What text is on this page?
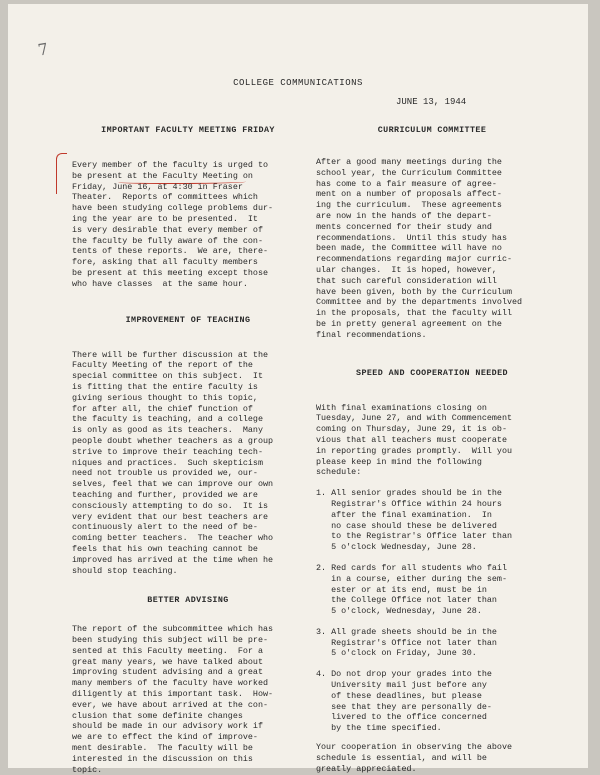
7
COLLEGE COMMUNICATIONS
JUNE 13, 1944
IMPORTANT FACULTY MEETING FRIDAY
Every member of the faculty is urged to
be present at the Faculty Meeting on
Friday, June 16, at 4:30 in Fraser
Theater.  Reports of committees which
have been studying college problems dur-
ing the year are to be presented.  It
is very desirable that every member of
the faculty be fully aware of the con-
tents of these reports.  We are, there-
fore, asking that all faculty members
be present at this meeting except those
who have classes  at the same hour.
IMPROVEMENT OF TEACHING
There will be further discussion at the
Faculty Meeting of the report of the
special committee on this subject.  It
is fitting that the entire faculty is
giving serious thought to this topic,
for after all, the chief function of
the faculty is teaching, and a college
is only as good as its teachers.  Many
people doubt whether teachers as a group
strive to improve their teaching tech-
niques and practices.  Such skepticism
need not trouble us provided we, our-
selves, feel that we can improve our own
teaching and further, provided we are
consciously attempting to do so.  It is
very evident that our best teachers are
continuously alert to the need of be-
coming better teachers.  The teacher who
feels that his own teaching cannot be
improved has arrived at the time when he
should stop teaching.
BETTER ADVISING
The report of the subcommittee which has
been studying this subject will be pre-
sented at this Faculty meeting.  For a
great many years, we have talked about
improving student advising and a great
many members of the faculty have worked
diligently at this important task.  How-
ever, we have about arrived at the con-
clusion that some definite changes
should be made in our advisory work if
we are to effect the kind of improve-
ment desirable.  The faculty will be
interested in the discussion on this
topic.
CURRICULUM COMMITTEE
After a good many meetings during the
school year, the Curriculum Committee
has come to a fair measure of agree-
ment on a number of proposals affect-
ing the curriculum.  These agreements
are now in the hands of the depart-
ments concerned for their study and
recommendations.  Until this study has
been made, the Committee will have no
recommendations regarding major curric-
ular changes.  It is hoped, however,
that such careful consideration will
have been given, both by the Curriculum
Committee and by the departments involved
in the proposals, that the faculty will
be in pretty general agreement on the
final recommendations.
SPEED AND COOPERATION NEEDED
With final examinations closing on
Tuesday, June 27, and with Commencement
coming on Thursday, June 29, it is ob-
vious that all teachers must cooperate
in reporting grades promptly.  Will you
please keep in mind the following
schedule:
1. All senior grades should be in the
Registrar's Office within 24 hours
after the final examination.  In
no case should these be delivered
to the Registrar's Office later than
5 o'clock Wednesday, June 28.
2. Red cards for all students who fail
in a course, either during the sem-
ester or at its end, must be in
the College Office not later than
5 o'clock, Wednesday, June 28.
3. All grade sheets should be in the
Registrar's Office not later than
5 o'clock on Friday, June 30.
4. Do not drop your grades into the
University mail just before any
of these deadlines, but please
see that they are personally de-
livered to the office concerned
by the time specified.
Your cooperation in observing the above
schedule is essential, and will be
greatly appreciated.
